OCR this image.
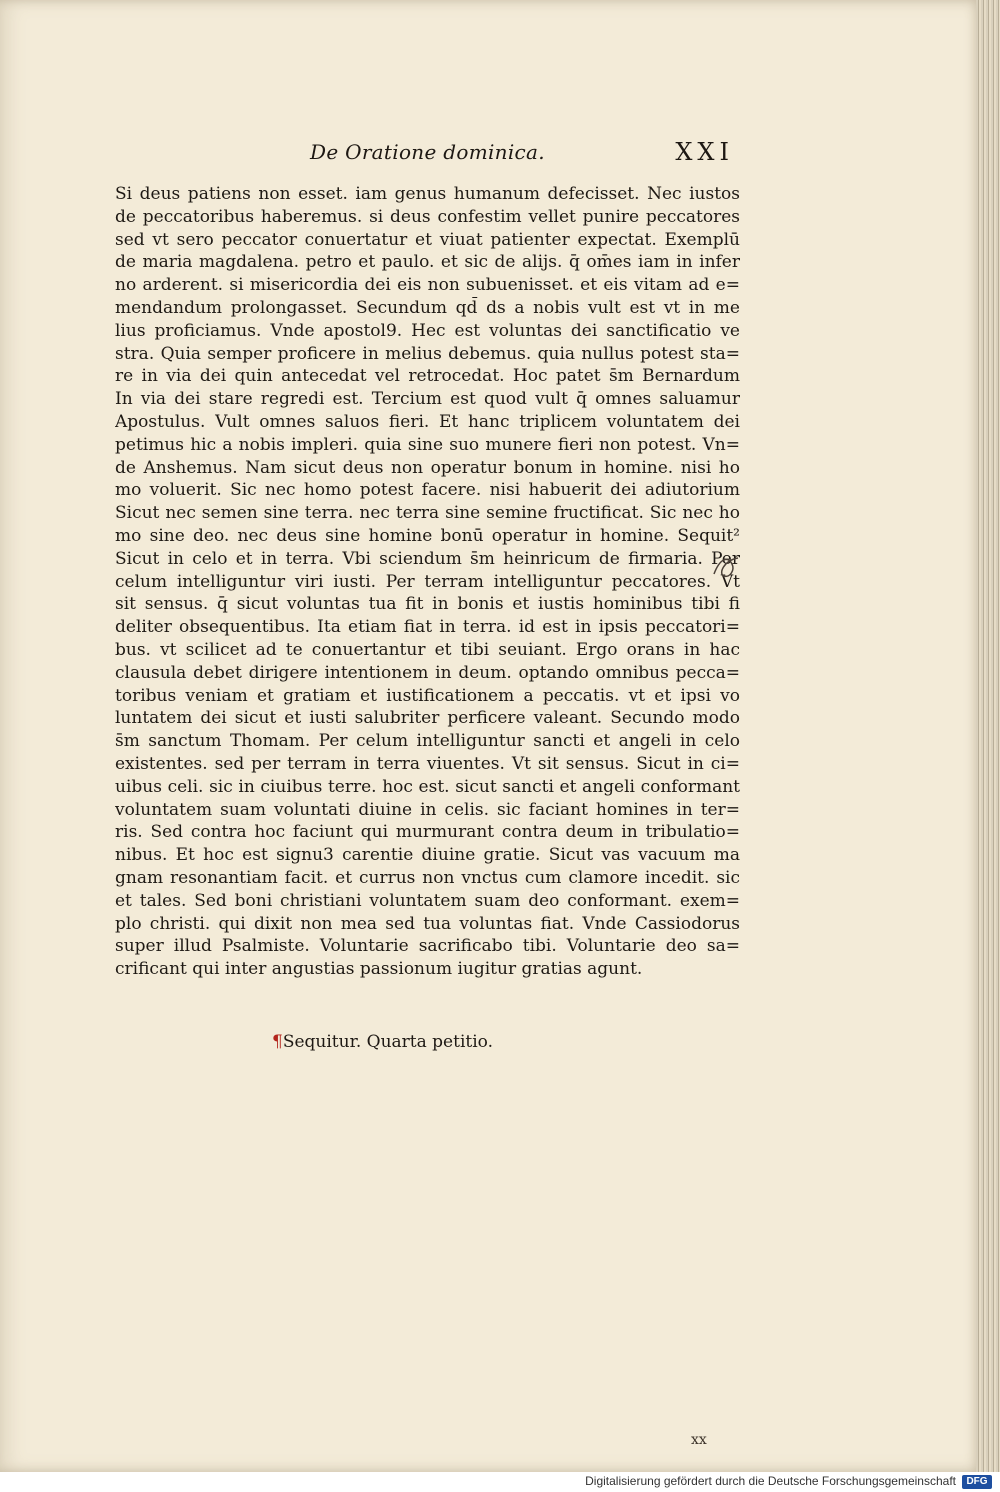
De Oratione dominica.	XXI
Si deus patiens non esset. iam genus humanum defecisset. Nec iustos
de peccatoribus haberemus. si deus confestim vellet punire peccatores
sed vt sero peccator conuertatur et viuat patienter expectat. Exemplū
de maria magdalena. petro et paulo. et sic de alijs. q̄ om̄es iam in infer
no arderent. si misericordia dei eis non subuenisset. et eis vitam ad e=
mendandum prolongasset. Secundum qd̄ ds a nobis vult est vt in me
lius proficiamus. Vnde apostol9. Hec est voluntas dei sanctificatio ve
stra. Quia semper proficere in melius debemus. quia nullus potest sta=
re in via dei quin antecedat vel retrocedat. Hoc patet s̄m Bernardum
In via dei stare regredi est. Tercium est quod vult q̄ omnes saluamur
Apostulus. Vult omnes saluos fieri. Et hanc triplicem voluntatem dei
petimus hic a nobis impleri. quia sine suo munere fieri non potest. Vn=
de Anshemus. Nam sicut deus non operatur bonum in homine. nisi ho
mo voluerit. Sic nec homo potest facere. nisi habuerit dei adiutorium
Sicut nec semen sine terra. nec terra sine semine fructificat. Sic nec ho
mo sine deo. nec deus sine homine bonū operatur in homine. Sequit²
Sicut in celo et in terra. Vbi sciendum s̄m heinricum de firmaria. Per
celum intelliguntur viri iusti. Per terram intelliguntur peccatores. Vt
sit sensus. q̄ sicut voluntas tua fit in bonis et iustis hominibus tibi fi
deliter obsequentibus. Ita etiam fiat in terra. id est in ipsis peccatori=
bus. vt scilicet ad te conuertantur et tibi seuiant. Ergo orans in hac
clausula debet dirigere intentionem in deum. optando omnibus pecca=
toribus veniam et gratiam et iustificationem a peccatis. vt et ipsi vo
luntatem dei sicut et iusti salubriter perficere valeant. Secundo modo
s̄m sanctum Thomam. Per celum intelliguntur sancti et angeli in celo
existentes. sed per terram in terra viuentes. Vt sit sensus. Sicut in ci=
uibus celi. sic in ciuibus terre. hoc est. sicut sancti et angeli conformant
voluntatem suam voluntati diuine in celis. sic faciant homines in ter=
ris. Sed contra hoc faciunt qui murmurant contra deum in tribulatio=
nibus. Et hoc est signu3 carentie diuine gratie. Sicut vas vacuum ma
gnam resonantiam facit. et currus non vnctus cum clamore incedit. sic
et tales. Sed boni christiani voluntatem suam deo conformant. exem=
plo christi. qui dixit non mea sed tua voluntas fiat. Vnde Cassiodorus
super illud Psalmiste. Voluntarie sacrificabo tibi. Voluntarie deo sa=
crificant qui inter angustias passionum iugitur gratias agunt.
¶Sequitur. Quarta petitio.
xx
Digitalisierung gefördert durch die Deutsche Forschungsgemeinschaft	DFG
